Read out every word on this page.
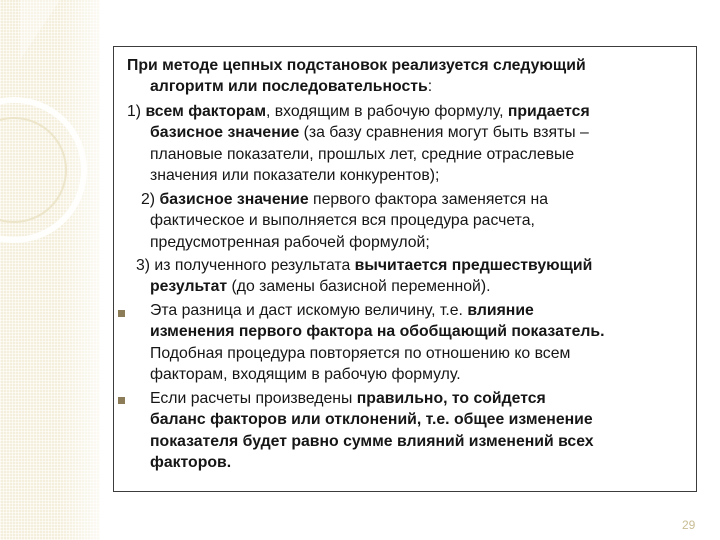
При методе цепных подстановок реализуется следующий
алгоритм или последовательность:
1) всем факторам, входящим в рабочую формулу, придается
базисное значение (за базу сравнения могут быть взяты –
плановые показатели, прошлых лет, средние отраслевые
значения или показатели конкурентов);
2) базисное значение первого фактора заменяется на
фактическое и выполняется вся процедура расчета,
предусмотренная рабочей формулой;
3) из полученного результата вычитается предшествующий
результат (до замены базисной переменной).
Эта разница и даст искомую величину, т.е. влияние
изменения первого фактора на обобщающий показатель.
Подобная процедура повторяется по отношению ко всем
факторам, входящим в рабочую формулу.
Если расчеты произведены правильно, то сойдется
баланс факторов или отклонений, т.е. общее изменение
показателя будет равно сумме влияний изменений всех
факторов.
29
